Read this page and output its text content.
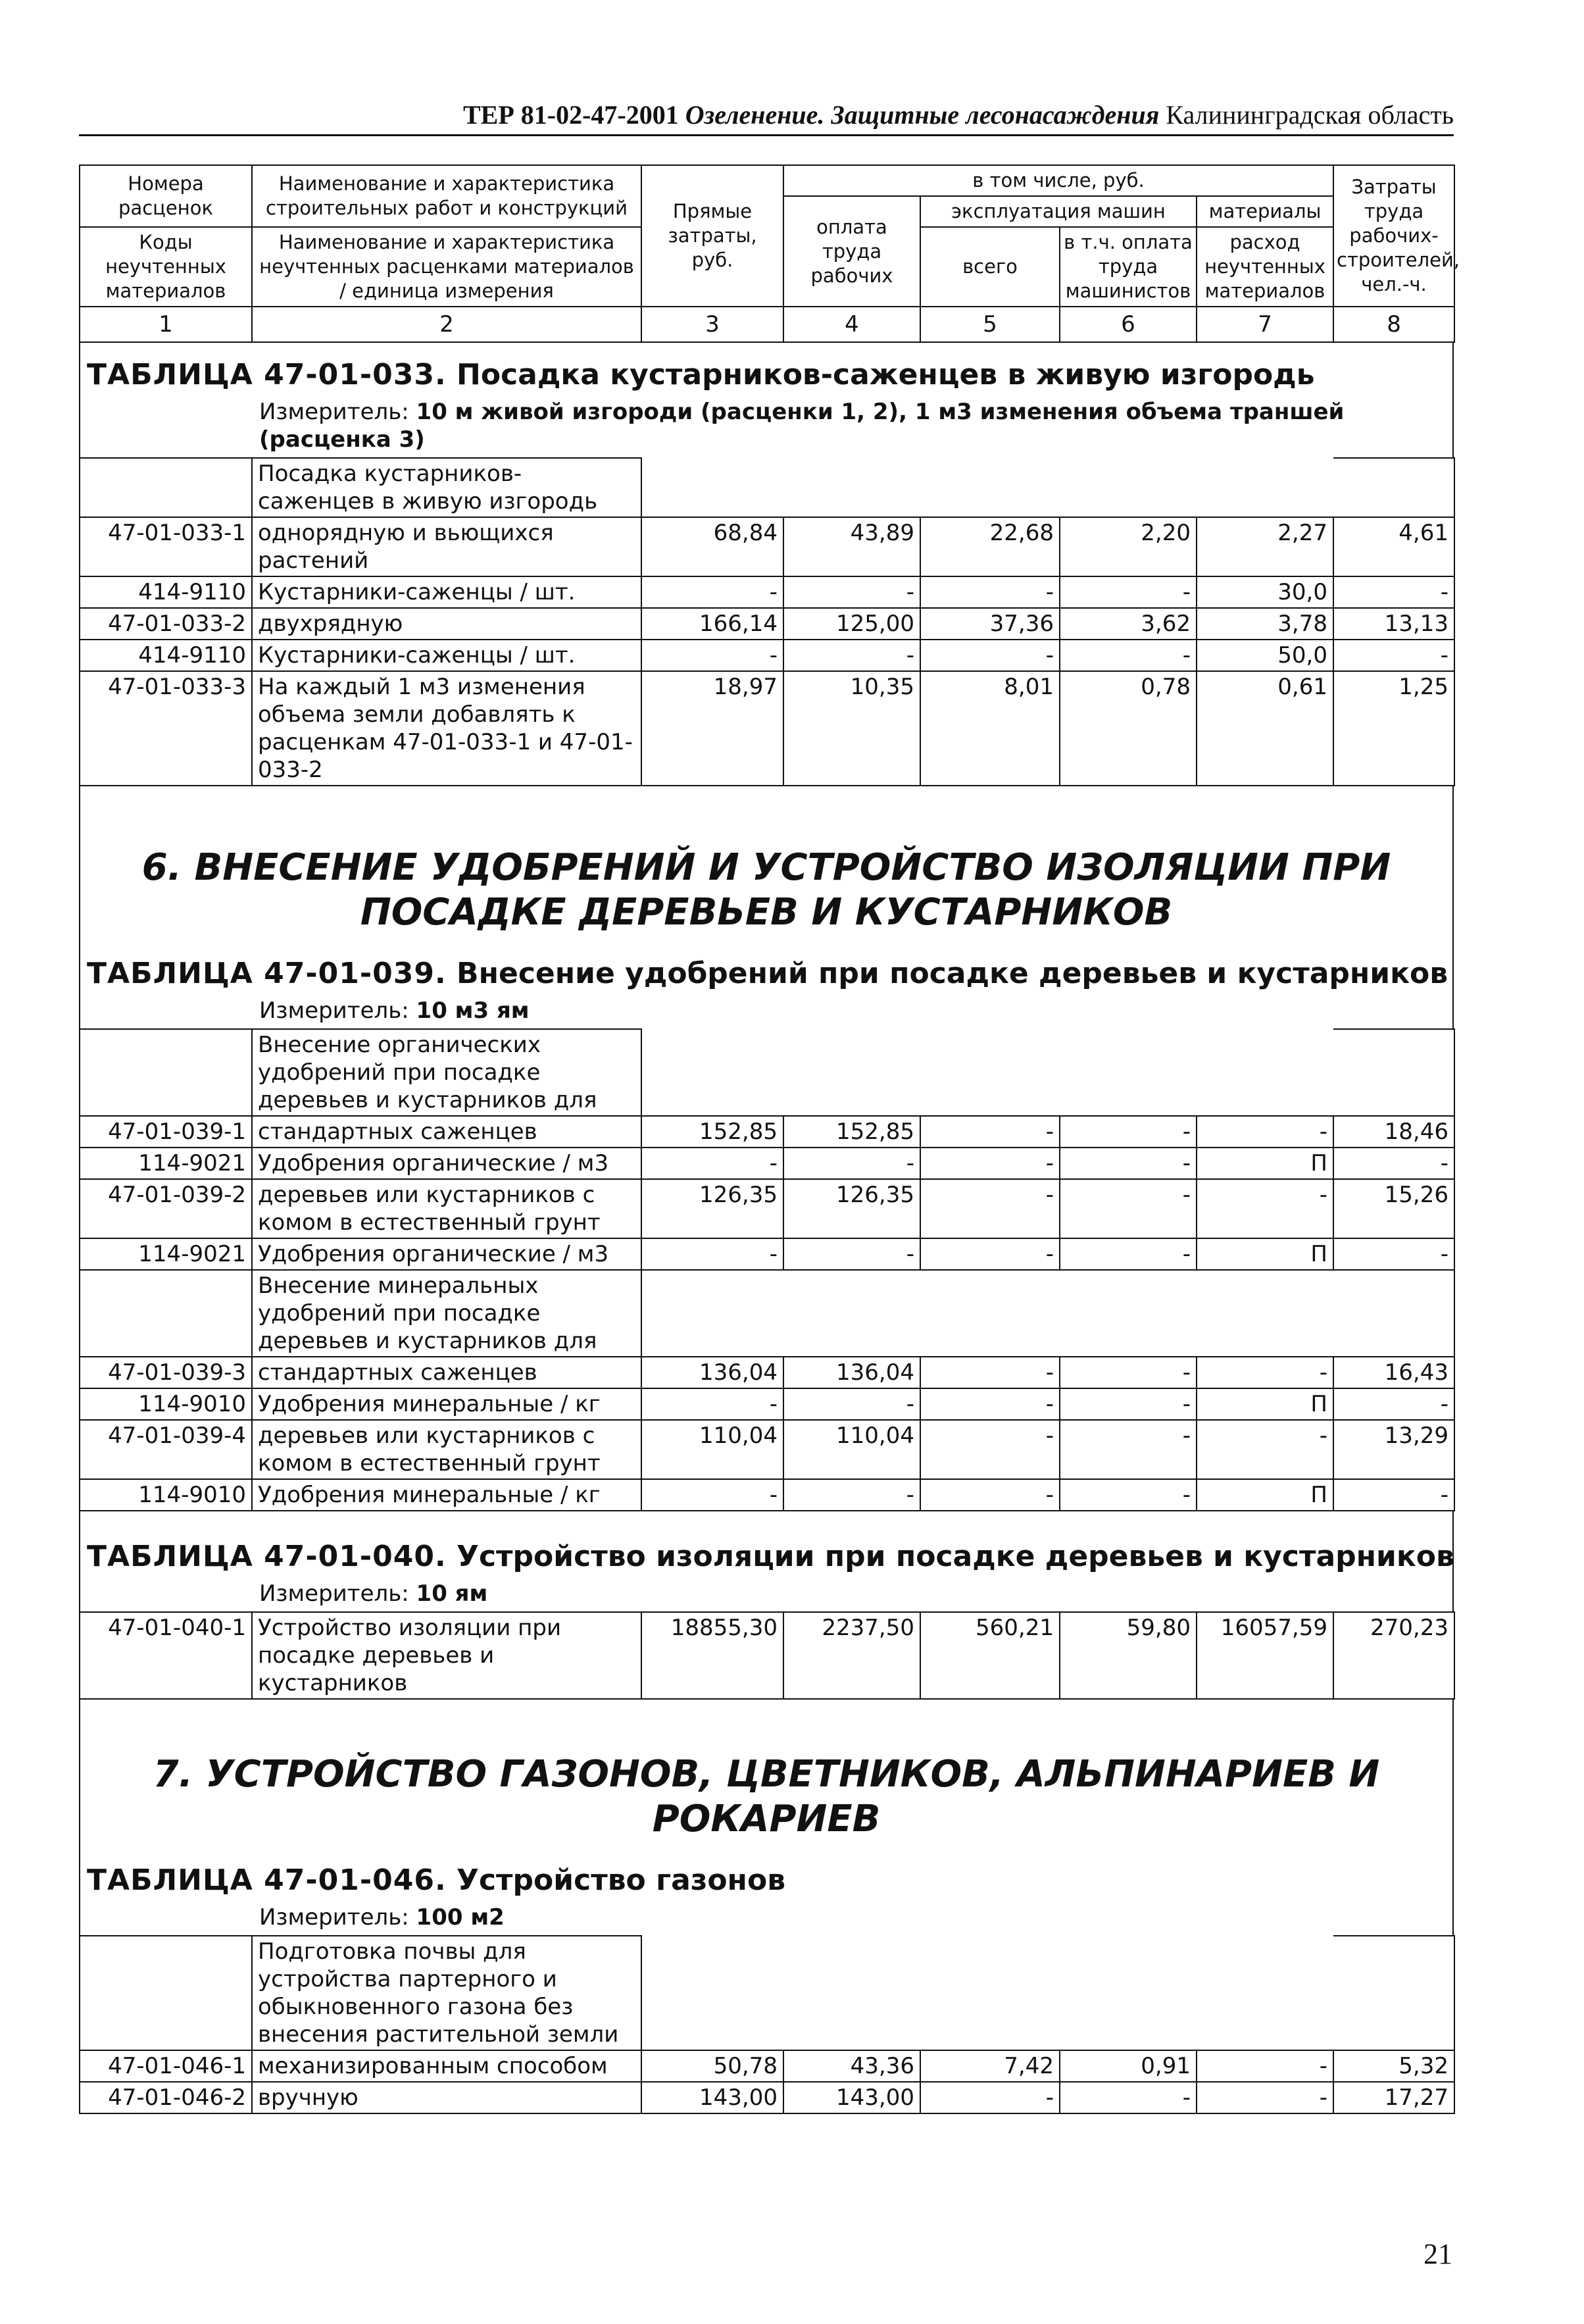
ТЕР 81-02-47-2001 Озеленение. Защитные лесонасаждения Калининградская область
Номера расценок	Наименование и характеристика строительных работ и конструкций	Прямые затраты, руб.	в том числе, руб.				Затраты труда рабочих-строителей, чел.-ч.
			оплата труда рабочих	эксплуатация машин		материалы	
Коды неучтенных материалов	Наименование и характеристика неучтенных расценками материалов / единица измерения			всего	в т.ч. оплата труда машинистов	расход неучтенных материалов	

1	2	3	4	5	6	7	8
ТАБЛИЦА 47-01-033. Посадка кустарников-саженцев в живую изгородь
Измеритель: 10 м живой изгороди (расценки 1, 2), 1 м3 изменения объема траншей (расценка 3)
	Посадка кустарников-саженцев в живую изгородь						
47-01-033-1	однорядную и вьющихся растений	68,84	43,89	22,68	2,20	2,27	4,61
414-9110	Кустарники-саженцы / шт.	-	-	-	-	30,0	-
47-01-033-2	двухрядную	166,14	125,00	37,36	3,62	3,78	13,13
414-9110	Кустарники-саженцы / шт.	-	-	-	-	50,0	-
47-01-033-3	На каждый 1 м3 изменения объема земли добавлять к расценкам 47-01-033-1 и 47-01-033-2	18,97	10,35	8,01	0,78	0,61	1,25
6. ВНЕСЕНИЕ УДОБРЕНИЙ И УСТРОЙСТВО ИЗОЛЯЦИИ ПРИ ПОСАДКЕ ДЕРЕВЬЕВ И КУСТАРНИКОВ
ТАБЛИЦА 47-01-039. Внесение удобрений при посадке деревьев и кустарников
Измеритель: 10 м3 ям
	Внесение органических удобрений при посадке деревьев и кустарников для						
47-01-039-1	стандартных саженцев	152,85	152,85	-	-	-	18,46
114-9021	Удобрения органические / м3	-	-	-	-	П	-
47-01-039-2	деревьев или кустарников с комом в естественный грунт	126,35	126,35	-	-	-	15,26
114-9021	Удобрения органические / м3	-	-	-	-	П	-
	Внесение минеральных удобрений при посадке деревьев и кустарников для						
47-01-039-3	стандартных саженцев	136,04	136,04	-	-	-	16,43
114-9010	Удобрения минеральные / кг	-	-	-	-	П	-
47-01-039-4	деревьев или кустарников с комом в естественный грунт	110,04	110,04	-	-	-	13,29
114-9010	Удобрения минеральные / кг	-	-	-	-	П	-
ТАБЛИЦА 47-01-040. Устройство изоляции при посадке деревьев и кустарников
Измеритель: 10 ям
47-01-040-1	Устройство изоляции при посадке деревьев и кустарников	18855,30	2237,50	560,21	59,80	16057,59	270,23
7. УСТРОЙСТВО ГАЗОНОВ, ЦВЕТНИКОВ, АЛЬПИНАРИЕВ И РОКАРИЕВ
ТАБЛИЦА 47-01-046. Устройство газонов
Измеритель: 100 м2
	Подготовка почвы для устройства партерного и обыкновенного газона без внесения растительной земли						
47-01-046-1	механизированным способом	50,78	43,36	7,42	0,91	-	5,32
47-01-046-2	вручную	143,00	143,00	-	-	-	17,27
21
